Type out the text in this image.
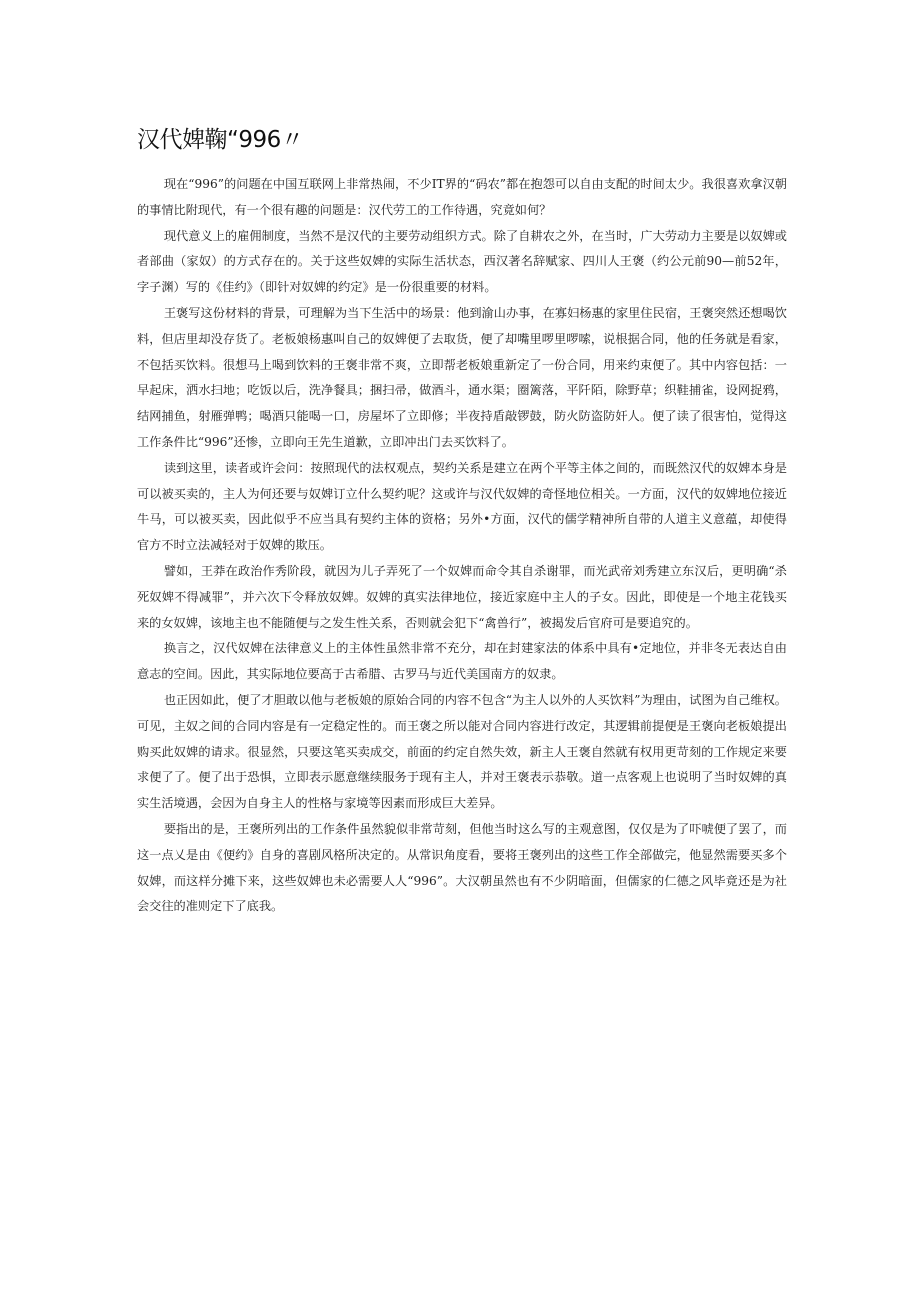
汉代婢鞠“996〃

现在“996”的问题在中国互联网上非常热闹，不少IT界的“码农”都在抱怨可以自由支配的时间太少。我很喜欢拿汉朝的事情比附现代，有一个很有趣的问题是：汉代劳工的工作待遇，究竟如何？

现代意义上的雇佣制度，当然不是汉代的主要劳动组织方式。除了自耕农之外，在当时，广大劳动力主要是以奴婢或者部曲（家奴）的方式存在的。关于这些奴婢的实际生活状态，西汉著名辞赋家、四川人王褒（约公元前90—前52年，字子渊）写的《佳约》（即针对奴婢的约定》是一份很重要的材料。

王褒写这份材料的背景，可理解为当下生活中的场景：他到渝山办事，在寡妇杨惠的家里住民宿，王褒突然还想喝饮料，但店里却没存货了。老板娘杨惠叫自己的奴婢便了去取货，便了却嘴里啰里啰嗦，说根据合同，他的任务就是看家，不包括买饮料。很想马上喝到饮料的王褒非常不爽，立即帮老板娘重新定了一份合同，用来约束便了。其中内容包括：一早起床，洒水扫地；吃饭以后，洗净餐具；捆扫帚，做酒斗，通水渠；圈篱落，平阡陌，除野草；织鞋捕雀，设网捉鸦，结网捕鱼，射雁弹鸭；喝酒只能喝一口，房屋坏了立即修；半夜持盾敲锣鼓，防火防盗防奸人。便了读了很害怕，觉得这工作条件比“996”还惨，立即向王先生道歉，立即冲出门去买饮料了。

读到这里，读者或许会问：按照现代的法权观点，契约关系是建立在两个平等主体之间的，而既然汉代的奴婢本身是可以被买卖的，主人为何还要与奴婢订立什么契约呢？这或许与汉代奴婢的奇怪地位相关。一方面，汉代的奴婢地位接近牛马，可以被买卖，因此似乎不应当具有契约主体的资格；另外•方面，汉代的儒学精神所自带的人道主义意蕴，却使得官方不时立法减轻对于奴婢的欺压。

譬如，王莽在政治作秀阶段，就因为儿子弄死了一个奴婢而命令其自杀谢罪，而光武帝刘秀建立东汉后，更明确“杀死奴婢不得减罪”，并六次下令释放奴婢。奴婢的真实法律地位，接近家庭中主人的子女。因此，即使是一个地主花钱买来的女奴婢，该地主也不能随便与之发生性关系，否则就会犯下“禽兽行”，被揭发后官府可是要追究的。

换言之，汉代奴婢在法律意义上的主体性虽然非常不充分，却在封建家法的体系中具有•定地位，并非冬无表达自由意志的空间。因此，其实际地位要高于古希腊、古罗马与近代美国南方的奴隶。

也正因如此，便了才胆敢以他与老板娘的原始合同的内容不包含“为主人以外的人买饮料”为理由，试图为自己维权。可见，主奴之间的合同内容是有一定稳定性的。而王褒之所以能对合同内容进行改定，其逻辑前提便是王褒向老板娘提出购买此奴婢的请求。很显然，只要这笔买卖成交，前面的约定自然失效，新主人王褒自然就有权用更苛刻的工作规定来要求便了了。便了出于恐惧，立即表示愿意继续服务于现有主人，并对王褒表示恭敬。道一点客观上也说明了当时奴婢的真实生活境遇，会因为自身主人的性格与家境等因素而形成巨大差异。

要指出的是，王褒所列出的工作条件虽然貌似非常苛刻，但他当时这么写的主观意图，仅仅是为了吓唬便了罢了，而这一点乂是由《便约》自身的喜剧风格所决定的。从常识角度看，要将王褒列出的这些工作全部做完，他显然需要买多个奴婢，而这样分摊下来，这些奴婢也未必需要人人“996”。大汉朝虽然也有不少阴暗面，但儒家的仁德之风毕竟还是为社会交往的准则定下了底我。
